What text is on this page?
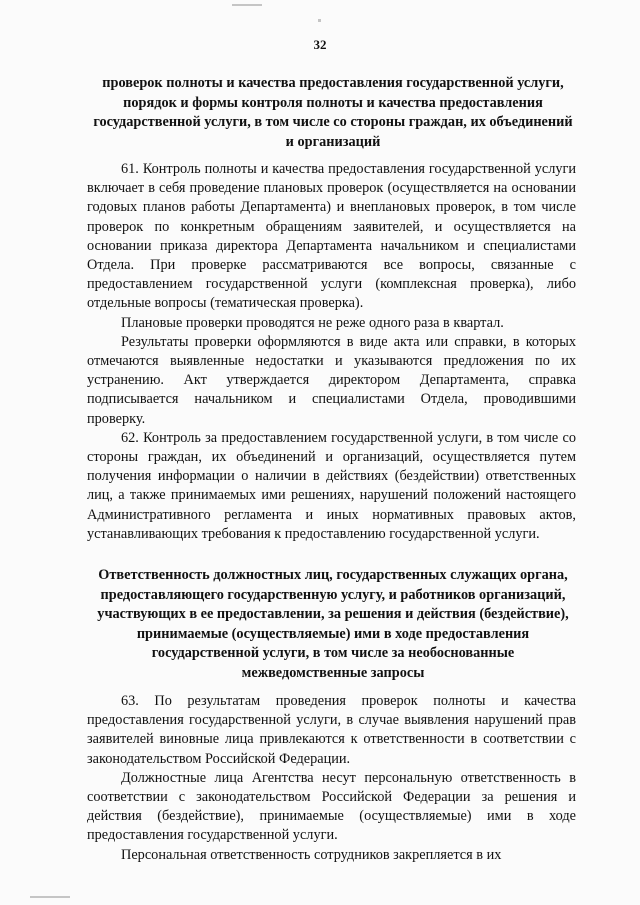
32

проверок полноты и качества предоставления государственной услуги, порядок и формы контроля полноты и качества предоставления государственной услуги, в том числе со стороны граждан, их объединений и организаций

61. Контроль полноты и качества предоставления государственной услуги включает в себя проведение плановых проверок (осуществляется на основании годовых планов работы Департамента) и внеплановых проверок, в том числе проверок по конкретным обращениям заявителей, и осуществляется на основании приказа директора Департамента начальником и специалистами Отдела. При проверке рассматриваются все вопросы, связанные с предоставлением государственной услуги (комплексная проверка), либо отдельные вопросы (тематическая проверка).

Плановые проверки проводятся не реже одного раза в квартал.

Результаты проверки оформляются в виде акта или справки, в которых отмечаются выявленные недостатки и указываются предложения по их устранению. Акт утверждается директором Департамента, справка подписывается начальником и специалистами Отдела, проводившими проверку.

62. Контроль за предоставлением государственной услуги, в том числе со стороны граждан, их объединений и организаций, осуществляется путем получения информации о наличии в действиях (бездействии) ответственных лиц, а также принимаемых ими решениях, нарушений положений настоящего Административного регламента и иных нормативных правовых актов, устанавливающих требования к предоставлению государственной услуги.

Ответственность должностных лиц, государственных служащих органа, предоставляющего государственную услугу, и работников организаций, участвующих в ее предоставлении, за решения и действия (бездействие), принимаемые (осуществляемые) ими в ходе предоставления государственной услуги, в том числе за необоснованные межведомственные запросы

63. По результатам проведения проверок полноты и качества предоставления государственной услуги, в случае выявления нарушений прав заявителей виновные лица привлекаются к ответственности в соответствии с законодательством Российской Федерации.

Должностные лица Агентства несут персональную ответственность в соответствии с законодательством Российской Федерации за решения и действия (бездействие), принимаемые (осуществляемые) ими в ходе предоставления государственной услуги.

Персональная ответственность сотрудников закрепляется в их
